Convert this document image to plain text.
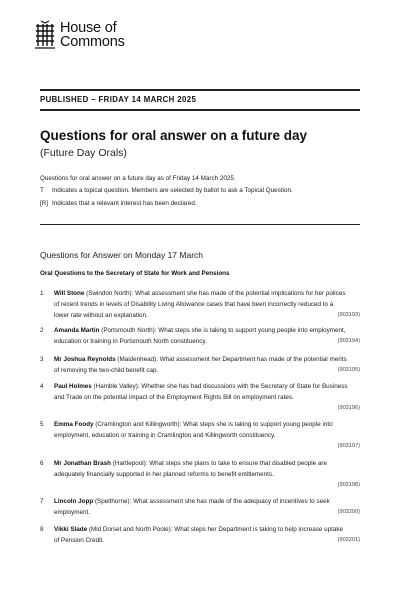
House of
Commons
PUBLISHED – FRIDAY 14 MARCH 2025
Questions for oral answer on a future day
(Future Day Orals)
Questions for oral answer on a future day as of Friday 14 March 2025.
T	Indicates a topical question. Members are selected by ballot to ask a Topical Question.
[R] Indicates that a relevant interest has been declared.
Questions for Answer on Monday 17 March
Oral Questions to the Secretary of State for Work and Pensions
1	Will Stone (Swindon North): What assessment she has made of the potential implications for her polices of recent trends in levels of Disability Living Allowance cases that have been incorrectly reduced to a lower rate without an explanation.	(903193)
2	Amanda Martin (Portsmouth North): What steps she is taking to support young people into employment, education or training in Portsmouth North constituency.	(903194)
3	Mr Joshua Reynolds (Maidenhead): What assessment her Department has made of the potential merits of removing the two-child benefit cap.	(903195)
4	Paul Holmes (Hamble Valley): Whether she has had discussions with the Secretary of State for Business and Trade on the potential impact of the Employment Rights Bill on employment rates.
(903196)
5	Emma Foody (Cramlington and Killingworth): What steps she is taking to support young people into employment, education or training in Cramlington and Killingworth constituency.
(903197)
6	Mr Jonathan Brash (Hartlepool): What steps she plans to take to ensure that disabled people are adequately financially supported in her planned reforms to benefit entitlements.
(903198)
7	Lincoln Jopp (Spelthorne): What assessment she has made of the adequacy of incentives to seek employment.	(903200)
8	Vikki Slade (Mid Dorset and North Poole): What steps her Department is taking to help increase uptake of Pension Credit.	(903201)
